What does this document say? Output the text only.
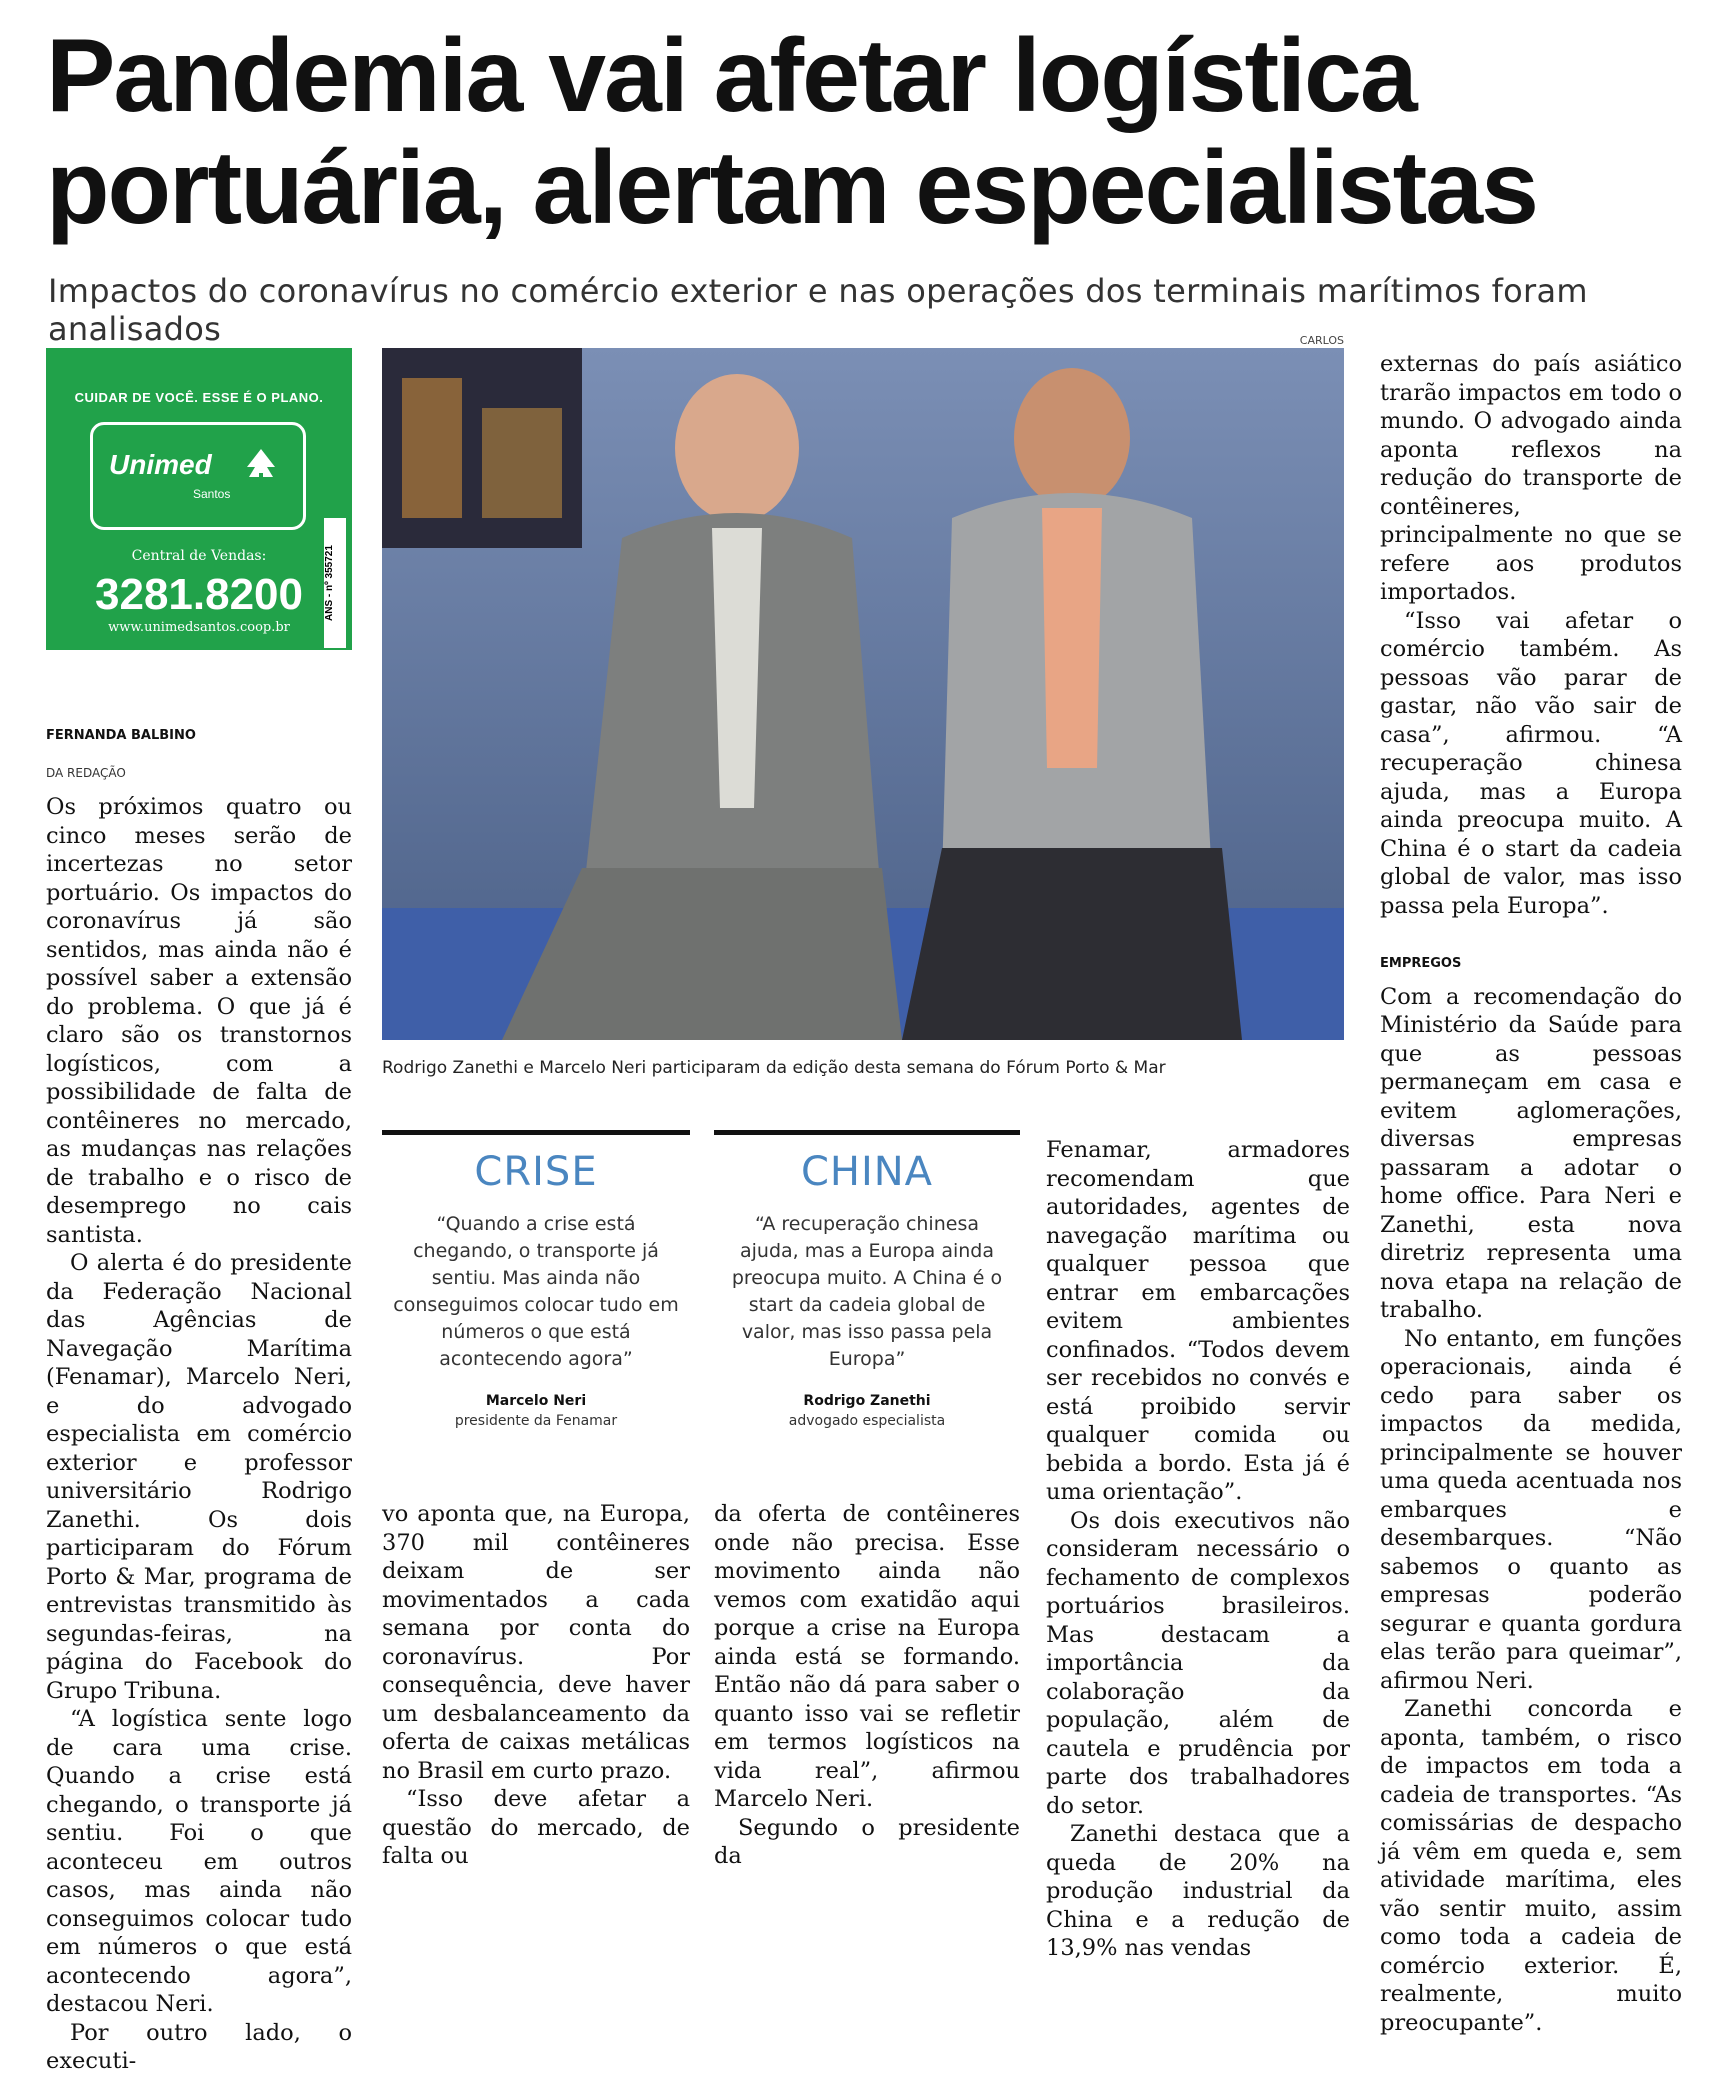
Pandemia vai afetar logística portuária, alertam especialistas
Impactos do coronavírus no comércio exterior e nas operações dos terminais marítimos foram analisados	CARLOS
CUIDAR DE VOCÊ. ESSE É O PLANO.
Unimed
Santos
Central de Vendas:
3281.8200
www.unimedsantos.coop.br
ANS - nº 355721
Rodrigo Zanethi e Marcelo Neri participaram da edição desta semana do Fórum Porto & Mar
FERNANDA BALBINO
DA REDAÇÃO

Os próximos quatro ou cinco meses serão de incertezas no setor portuário. Os impactos do coronavírus já são sentidos, mas ainda não é possível saber a extensão do problema. O que já é claro são os transtornos logísticos, com a possibilidade de falta de contêineres no mercado, as mudanças nas relações de trabalho e o risco de desemprego no cais santista.

O alerta é do presidente da Federação Nacional das Agências de Navegação Marítima (Fenamar), Marcelo Neri, e do advogado especialista em comércio exterior e professor universitário Rodrigo Zanethi. Os dois participaram do Fórum Porto & Mar, programa de entrevistas transmitido às segundas-feiras, na página do Facebook do Grupo Tribuna.

“A logística sente logo de cara uma crise. Quando a crise está chegando, o transporte já sentiu. Foi o que aconteceu em outros casos, mas ainda não conseguimos colocar tudo em números o que está acontecendo agora”, destacou Neri.

Por outro lado, o executi-

CRISE
“Quando a crise está chegando, o transporte já sentiu. Mas ainda não conseguimos colocar tudo em números o que está acontecendo agora”
Marcelo Neri
presidente da Fenamar
CHINA
“A recuperação chinesa ajuda, mas a Europa ainda preocupa muito. A China é o start da cadeia global de valor, mas isso passa pela Europa”
Rodrigo Zanethi
advogado especialista

vo aponta que, na Europa, 370 mil contêineres deixam de ser movimentados a cada semana por conta do coronavírus. Por consequência, deve haver um desbalanceamento da oferta de caixas metálicas no Brasil em curto prazo.

“Isso deve afetar a questão do mercado, de falta ou

da oferta de contêineres onde não precisa. Esse movimento ainda não vemos com exatidão aqui porque a crise na Europa ainda está se formando. Então não dá para saber o quanto isso vai se refletir em termos logísticos na vida real”, afirmou Marcelo Neri.

Segundo o presidente da

Fenamar, armadores recomendam que autoridades, agentes de navegação marítima ou qualquer pessoa que entrar em embarcações evitem ambientes confinados. “Todos devem ser recebidos no convés e está proibido servir qualquer comida ou bebida a bordo. Esta já é uma orientação”.

Os dois executivos não consideram necessário o fechamento de complexos portuários brasileiros. Mas destacam a importância da colaboração da população, além de cautela e prudência por parte dos trabalhadores do setor.

Zanethi destaca que a queda de 20% na produção industrial da China e a redução de 13,9% nas vendas

externas do país asiático trarão impactos em todo o mundo. O advogado ainda aponta reflexos na redução do transporte de contêineres, principalmente no que se refere aos produtos importados.

“Isso vai afetar o comércio também. As pessoas vão parar de gastar, não vão sair de casa”, afirmou. “A recuperação chinesa ajuda, mas a Europa ainda preocupa muito. A China é o start da cadeia global de valor, mas isso passa pela Europa”.

EMPREGOS

Com a recomendação do Ministério da Saúde para que as pessoas permaneçam em casa e evitem aglomerações, diversas empresas passaram a adotar o home office. Para Neri e Zanethi, esta nova diretriz representa uma nova etapa na relação de trabalho.

No entanto, em funções operacionais, ainda é cedo para saber os impactos da medida, principalmente se houver uma queda acentuada nos embarques e desembarques. “Não sabemos o quanto as empresas poderão segurar e quanta gordura elas terão para queimar”, afirmou Neri.

Zanethi concorda e aponta, também, o risco de impactos em toda a cadeia de transportes. “As comissárias de despacho já vêm em queda e, sem atividade marítima, eles vão sentir muito, assim como toda a cadeia de comércio exterior. É, realmente, muito preocupante”.
